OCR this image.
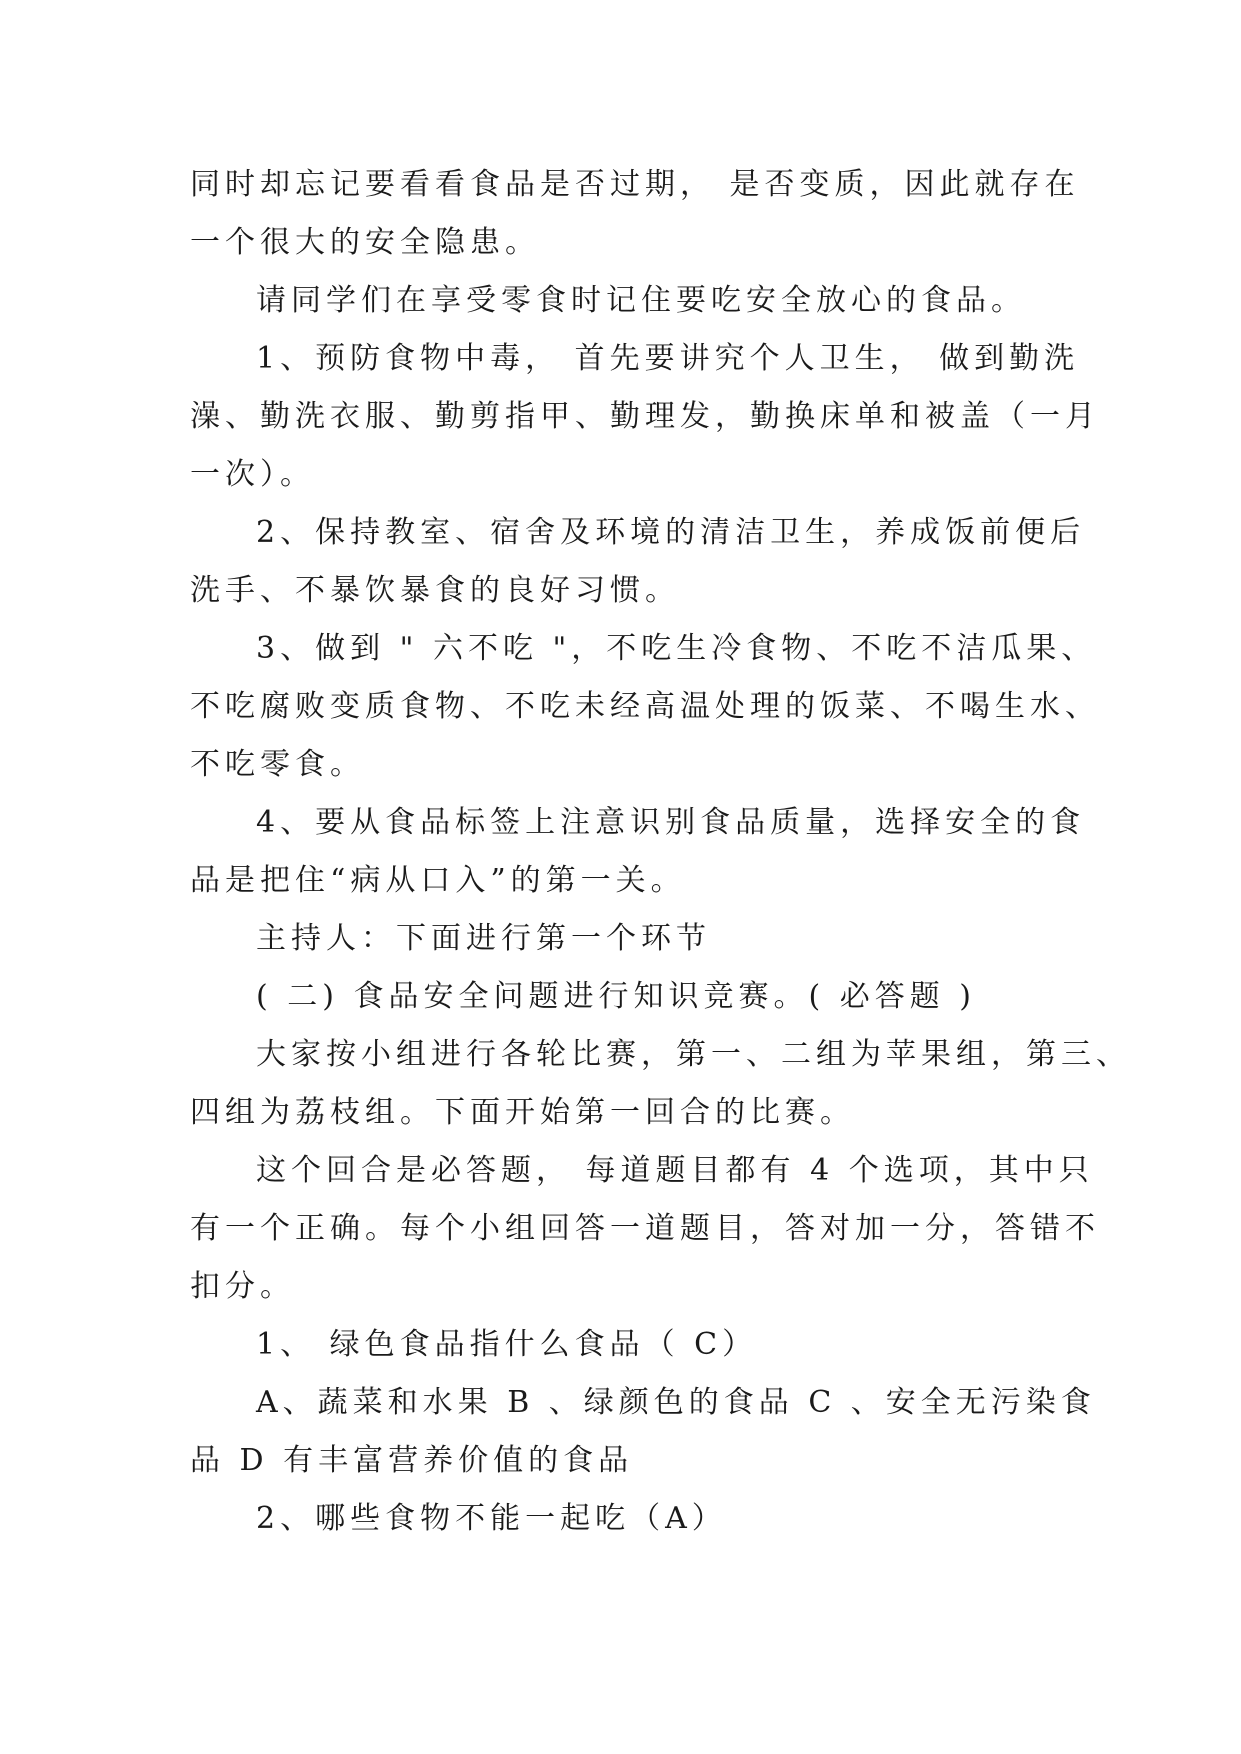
同时却忘记要看看食品是否过期， 是否变质，因此就存在
一个很大的安全隐患。
请同学们在享受零食时记住要吃安全放心的食品。
1、预防食物中毒， 首先要讲究个人卫生， 做到勤洗
澡、勤洗衣服、勤剪指甲、勤理发，勤换床单和被盖（一月
一次）。
2、保持教室、宿舍及环境的清洁卫生，养成饭前便后
洗手、不暴饮暴食的良好习惯。
3、做到 " 六不吃 "，不吃生冷食物、不吃不洁瓜果、
不吃腐败变质食物、不吃未经高温处理的饭菜、不喝生水、
不吃零食。
4、要从食品标签上注意识别食品质量，选择安全的食
品是把住“病从口入”的第一关。
主持人：下面进行第一个环节
( 二) 食品安全问题进行知识竞赛。( 必答题 )
大家按小组进行各轮比赛，第一、二组为苹果组，第三、
四组为荔枝组。下面开始第一回合的比赛。
这个回合是必答题， 每道题目都有 4 个选项，其中只
有一个正确。每个小组回答一道题目，答对加一分，答错不
扣分。
1、 绿色食品指什么食品（ C）
A、蔬菜和水果 B 、绿颜色的食品 C 、安全无污染食
品 D 有丰富营养价值的食品
2、哪些食物不能一起吃（A）
